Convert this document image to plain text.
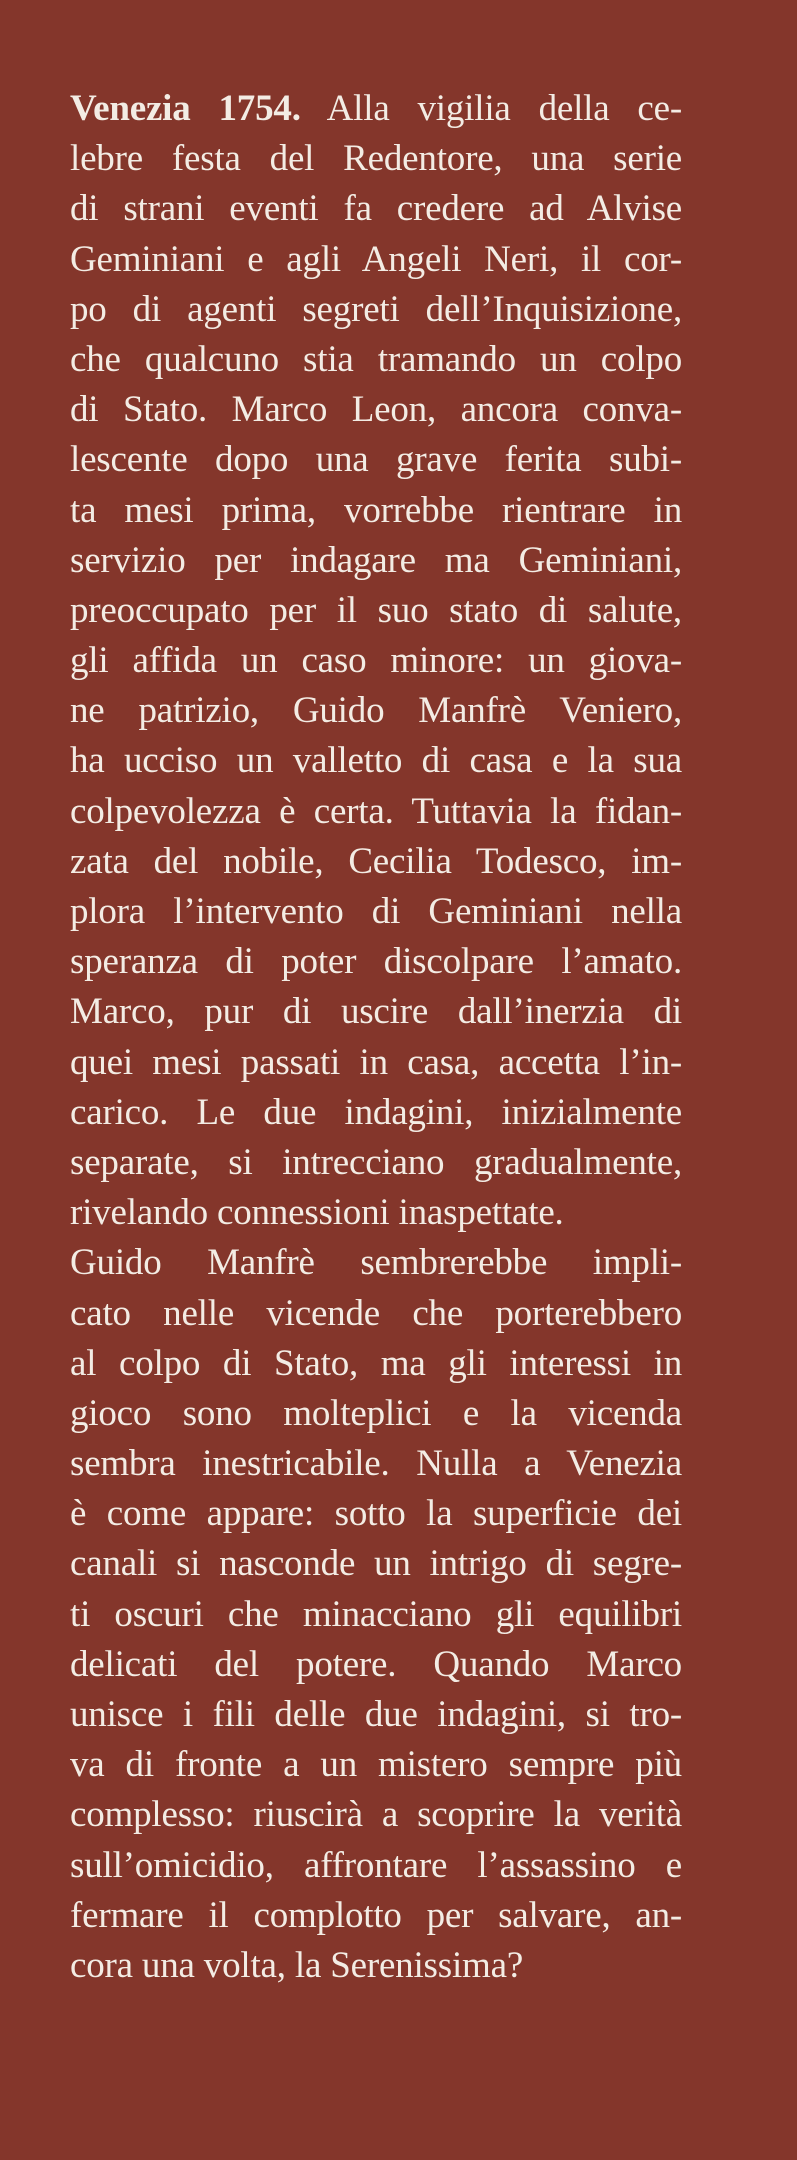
Venezia 1754. Alla vigilia della ce-
lebre festa del Redentore, una serie
di strani eventi fa credere ad Alvise
Geminiani e agli Angeli Neri, il cor-
po di agenti segreti dell’Inquisizione,
che qualcuno stia tramando un colpo
di Stato. Marco Leon, ancora conva-
lescente dopo una grave ferita subi-
ta mesi prima, vorrebbe rientrare in
servizio per indagare ma Geminiani,
preoccupato per il suo stato di salute,
gli affida un caso minore: un giova-
ne patrizio, Guido Manfrè Veniero,
ha ucciso un valletto di casa e la sua
colpevolezza è certa. Tuttavia la fidan-
zata del nobile, Cecilia Todesco, im-
plora l’intervento di Geminiani nella
speranza di poter discolpare l’amato.
Marco, pur di uscire dall’inerzia di
quei mesi passati in casa, accetta l’in-
carico. Le due indagini, inizialmente
separate, si intrecciano gradualmente,
rivelando connessioni inaspettate.
Guido Manfrè sembrerebbe impli-
cato nelle vicende che porterebbero
al colpo di Stato, ma gli interessi in
gioco sono molteplici e la vicenda
sembra inestricabile. Nulla a Venezia
è come appare: sotto la superficie dei
canali si nasconde un intrigo di segre-
ti oscuri che minacciano gli equilibri
delicati del potere. Quando Marco
unisce i fili delle due indagini, si tro-
va di fronte a un mistero sempre più
complesso: riuscirà a scoprire la verità
sull’omicidio, affrontare l’assassino e
fermare il complotto per salvare, an-
cora una volta, la Serenissima?
